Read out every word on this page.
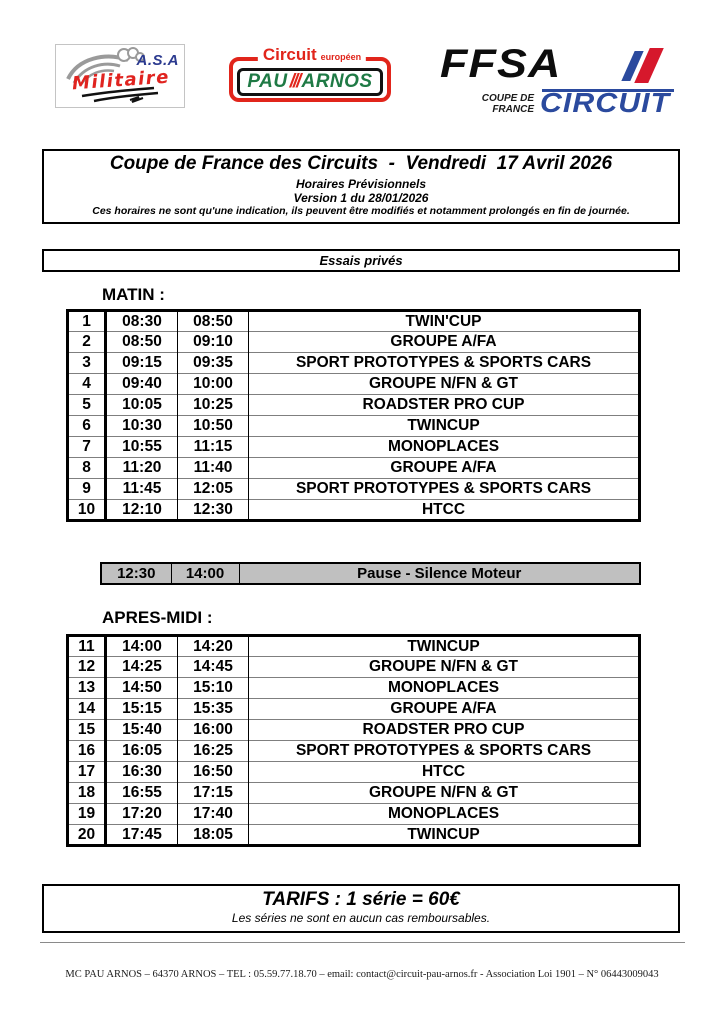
A.S.A
Militaire
Circuit européen
PAU /// ARNOS FFSA
COUPE DE
FRANCE CIRCUIT
Coupe de France des Circuits  -  Vendredi  17 Avril 2026
Horaires Prévisionnels
Version 1 du 28/01/2026
Ces horaires ne sont qu'une indication, ils peuvent être modifiés et notamment prolongés en fin de journée.
Essais privés
MATIN :
1	08:30	08:50	TWIN'CUP
2	08:50	09:10	GROUPE A/FA
3	09:15	09:35	SPORT PROTOTYPES & SPORTS CARS
4	09:40	10:00	GROUPE N/FN & GT
5	10:05	10:25	ROADSTER PRO CUP
6	10:30	10:50	TWINCUP
7	10:55	11:15	MONOPLACES
8	11:20	11:40	GROUPE A/FA
9	11:45	12:05	SPORT PROTOTYPES & SPORTS CARS
10	12:10	12:30	HTCC
12:30	14:00	Pause - Silence Moteur
APRES-MIDI :
11	14:00	14:20	TWINCUP
12	14:25	14:45	GROUPE N/FN & GT
13	14:50	15:10	MONOPLACES
14	15:15	15:35	GROUPE A/FA
15	15:40	16:00	ROADSTER PRO CUP
16	16:05	16:25	SPORT PROTOTYPES & SPORTS CARS
17	16:30	16:50	HTCC
18	16:55	17:15	GROUPE N/FN & GT
19	17:20	17:40	MONOPLACES
20	17:45	18:05	TWINCUP
TARIFS : 1 série = 60€
Les séries ne sont en aucun cas remboursables.
MC PAU ARNOS – 64370 ARNOS – TEL : 05.59.77.18.70 – email: contact@circuit-pau-arnos.fr - Association Loi 1901 – N° 06443009043
